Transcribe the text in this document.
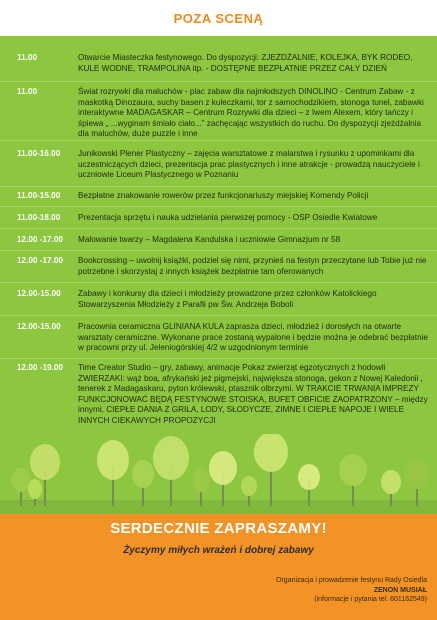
POZA SCENĄ
11.00	Otwarcie Miasteczka festynowego. Do dyspozycji: ZJEŻDŻALNIE, KOLEJKA, BYK RODEO, KULE WODNE, TRAMPOLINA itp. - DOSTĘPNE BEZPŁATNIE PRZEZ CAŁY DZIEŃ
11.00	Świat rozrywki dla maluchów - plac zabaw dla najmłodszych DINOLINO - Centrum Zabaw - z maskotką Dinozaura, suchy basen z kuleczkami, tor z samochodzikiem, stonoga tunel, zabawki interaktywne MADAGASKAR – Centrum Rozrywki dla dzieci – z Iwem Alexem, który tańczy i śpiewa „ ...wyginam śmiało ciało...” zachęcając wszystkich do ruchu. Do dyspozycji zjeżdżalnia dla maluchów, duże puzzle i inne
11.00-16.00 Junikowski Plener Plastyczny – zajęcia warsztatowe z malarstwa i rysunku z upominkami dla uczestniczących dzieci, prezentacja prac plastycznych i inne atrakcje - prowadzą nauczyciele i uczniowie Liceum Plastycznego w Poznaniu
11.00-15.00 Bezpłatne znakowanie rowerów przez funkcjonariuszy miejskiej Komendy Policji
11.00-18.00 Prezentacja sprzętu i nauka udzielania pierwszej pomocy - OSP Osiedle Kwiatowe
12.00 -17.00 Malowanie twarzy – Magdalena Kandulska i uczniowie Gimnazjum nr 58
12.00 -17.00 Bookcrossing – uwolnij książki, podziel się nimi, przynieś na festyn przeczytane lub Tobie już nie potrzebne i skorzystaj z innych książek bezpłatnie tam oferowanych
12.00-15.00 Zabawy i konkursy dla dzieci i młodzieży prowadzone przez członków Katolickiego Stowarzyszenia Młodzieży z Parafii pw Św. Andrzeja Boboli
12.00-15.00 Pracownia ceramiczna GLINIANA KULA zaprasza dzieci, młodzież i dorosłych na otwarte warsztaty ceramiczne. Wykonane prace zostaną wypalone i będzie można je odebrać bezpłatnie w pracowni przy ul. Jeleniogórskiej 4/2 w uzgodnionym terminie
12.00 -19.00 Time Creator Studio – gry, zabawy, animacje Pokaz zwierząt egzotycznych z hodowli ZWIERZAKI: wąż boa, afrykański jeż pigmejski, największa stonoga, gekon z Nowej Kaledonii , tenerek z Madagaskaru, pyton królewski, ptasznik olbrzymi. W TRAKCIE TRWANIA IMPREZY FUNKCJONOWAĆ BĘDĄ FESTYNOWE STOISKA, BUFET OBFICIE ZAOPATRZONY – między innymi, CIEPŁE DANIA Z GRILA, LODY, SŁODYCZE, ZIMNE I CIEPŁE NAPOJE I WIELE INNYCH CIEKAWYCH PROPOZYCJI
SERDECZNIE ZAPRASZAMY!
Życzymy miłych wrażeń i dobrej zabawy
Organizacja i prowadzenie festynu Rady Osiedla
ZENON MUSIAŁ
(informacje i pytania tel. 601162549)
